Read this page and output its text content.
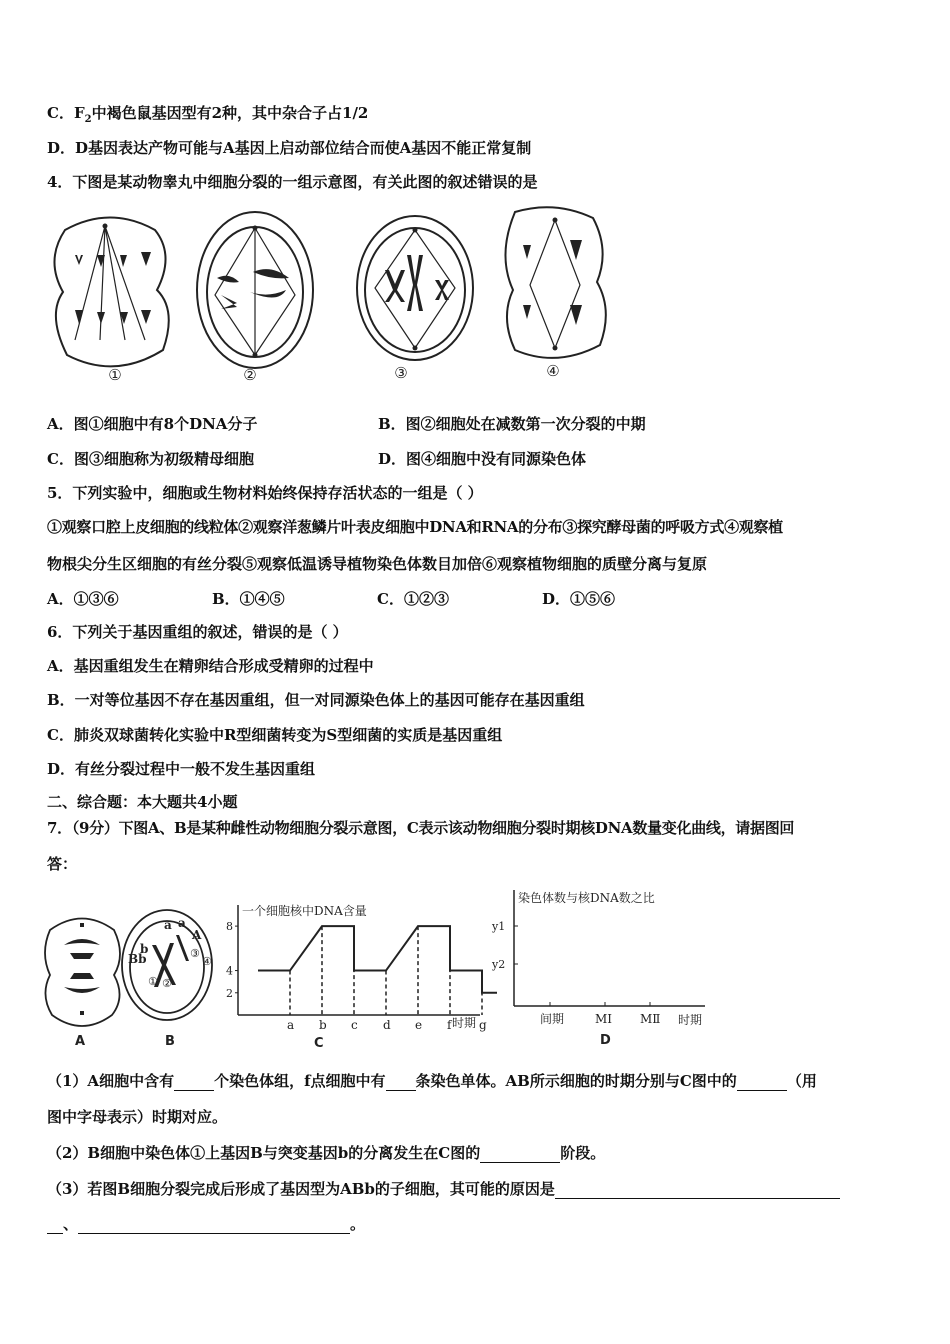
C．$F_2$中褐色鼠基因型有2种，其中杂合子占1/2
D．D基因表达产物可能与A基因上启动部位结合而使A基因不能正常复制
4．下图是某动物睾丸中细胞分裂的一组示意图，有关此图的叙述错误的是
①	②	③	④
A．图①细胞中有8个DNA分子	B．图②细胞处在减数第一次分裂的中期
C．图③细胞称为初级精母细胞	D．图④细胞中没有同源染色体
5．下列实验中，细胞或生物材料始终保持存活状态的一组是（ ）
①观察口腔上皮细胞的线粒体②观察洋葱鳞片叶表皮细胞中DNA和RNA的分布③探究酵母菌的呼吸方式④观察植
物根尖分生区细胞的有丝分裂⑤观察低温诱导植物染色体数目加倍⑥观察植物细胞的质壁分离与复原
A．①③⑥	B．①④⑤	C．①②③	D．①⑤⑥
6．下列关于基因重组的叙述，错误的是（ ）
A．基因重组发生在精卵结合形成受精卵的过程中
B．一对等位基因不存在基因重组，但一对同源染色体上的基因可能存在基因重组
C．肺炎双球菌转化实验中R型细菌转变为S型细菌的实质是基因重组
D．有丝分裂过程中一般不发生基因重组
二、综合题：本大题共4小题
7．（9分）下图A、B是某种雌性动物细胞分裂示意图，C表示该动物细胞分裂时期核DNA数量变化曲线，请据图回
答：
Bb
b
a a
A
① ②
③
④
A	B
一个细胞核中DNA含量
时期
C
2
4
8
a b c d e f g
染色体数与核DNA数之比
时期
D
y2
y1
间期	MⅠ MⅡ
（1）A细胞中含有	个染色体组，f点细胞中有 条染色单体。AB所示细胞的时期分别与C图中的	（用
图中字母表示）时期对应。
（2）B细胞中染色体①上基因B与突变基因b的分离发生在C图的	阶段。
（3）若图B细胞分裂完成后形成了基因型为ABb的子细胞，其可能的原因是
、	。
